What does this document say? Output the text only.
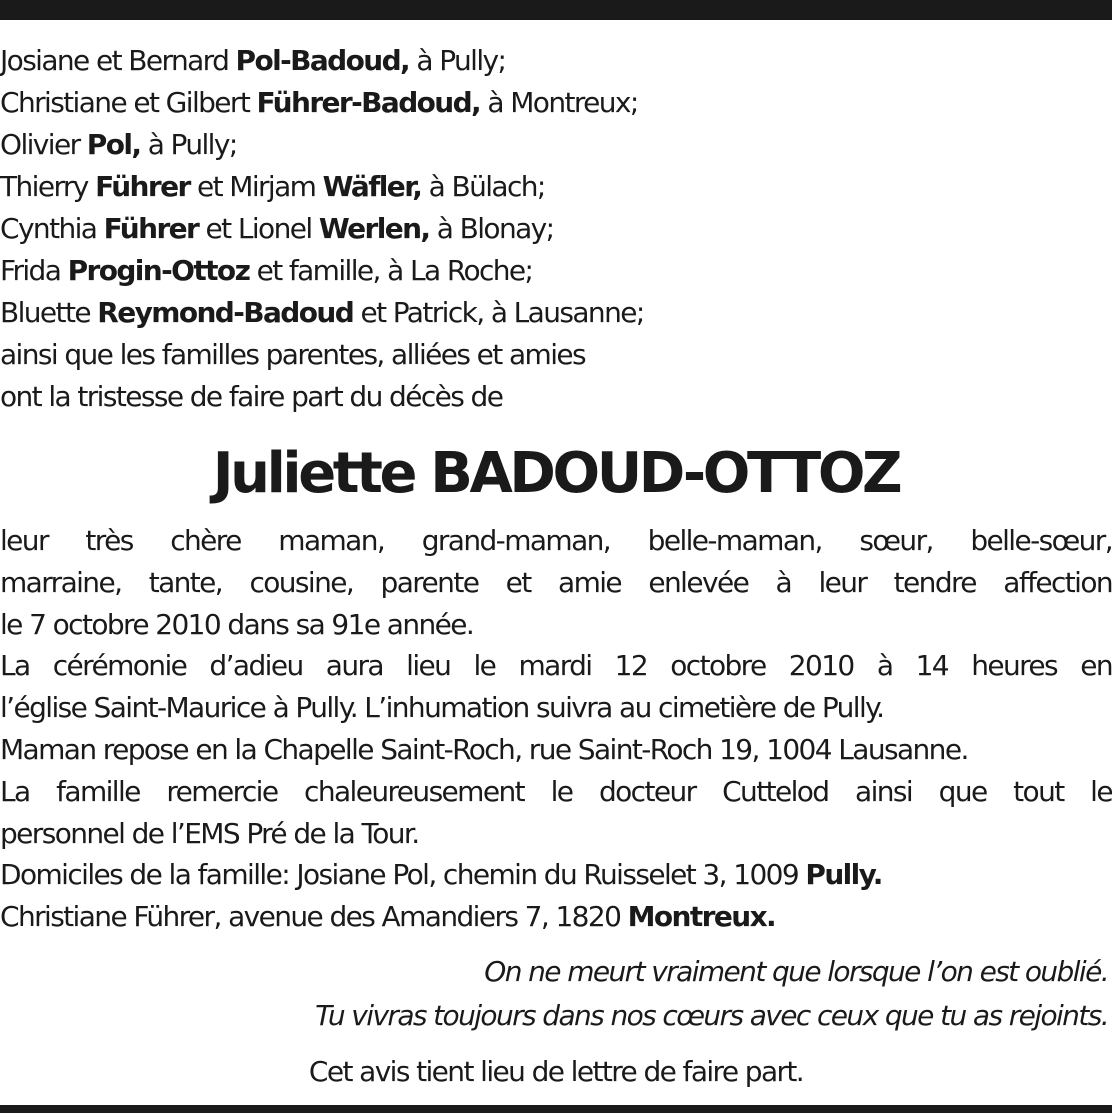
Josiane et Bernard Pol-Badoud, à Pully;
Christiane et Gilbert Führer-Badoud, à Montreux;
Olivier Pol, à Pully;
Thierry Führer et Mirjam Wäfler, à Bülach;
Cynthia Führer et Lionel Werlen, à Blonay;
Frida Progin-Ottoz et famille, à La Roche;
Bluette Reymond-Badoud et Patrick, à Lausanne;

ainsi que les familles parentes, alliées et amies
ont la tristesse de faire part du décès de

Juliette BADOUD-OTTOZ
leur très chère maman, grand-maman, belle-maman, sœur, belle-sœur,
marraine, tante, cousine, parente et amie enlevée à leur tendre affection
le 7 octobre 2010 dans sa 91e année.
La cérémonie d’adieu aura lieu le mardi 12 octobre 2010 à 14 heures en
l’église Saint-Maurice à Pully. L’inhumation suivra au cimetière de Pully.
Maman repose en la Chapelle Saint-Roch, rue Saint-Roch 19, 1004 Lausanne.
La famille remercie chaleureusement le docteur Cuttelod ainsi que tout le
personnel de l’EMS Pré de la Tour.
Domiciles de la famille: Josiane Pol, chemin du Ruisselet 3, 1009 Pully.
Christiane Führer, avenue des Amandiers 7, 1820 Montreux.
On ne meurt vraiment que lorsque l’on est oublié.
Tu vivras toujours dans nos cœurs avec ceux que tu as rejoints.

Cet avis tient lieu de lettre de faire part.
